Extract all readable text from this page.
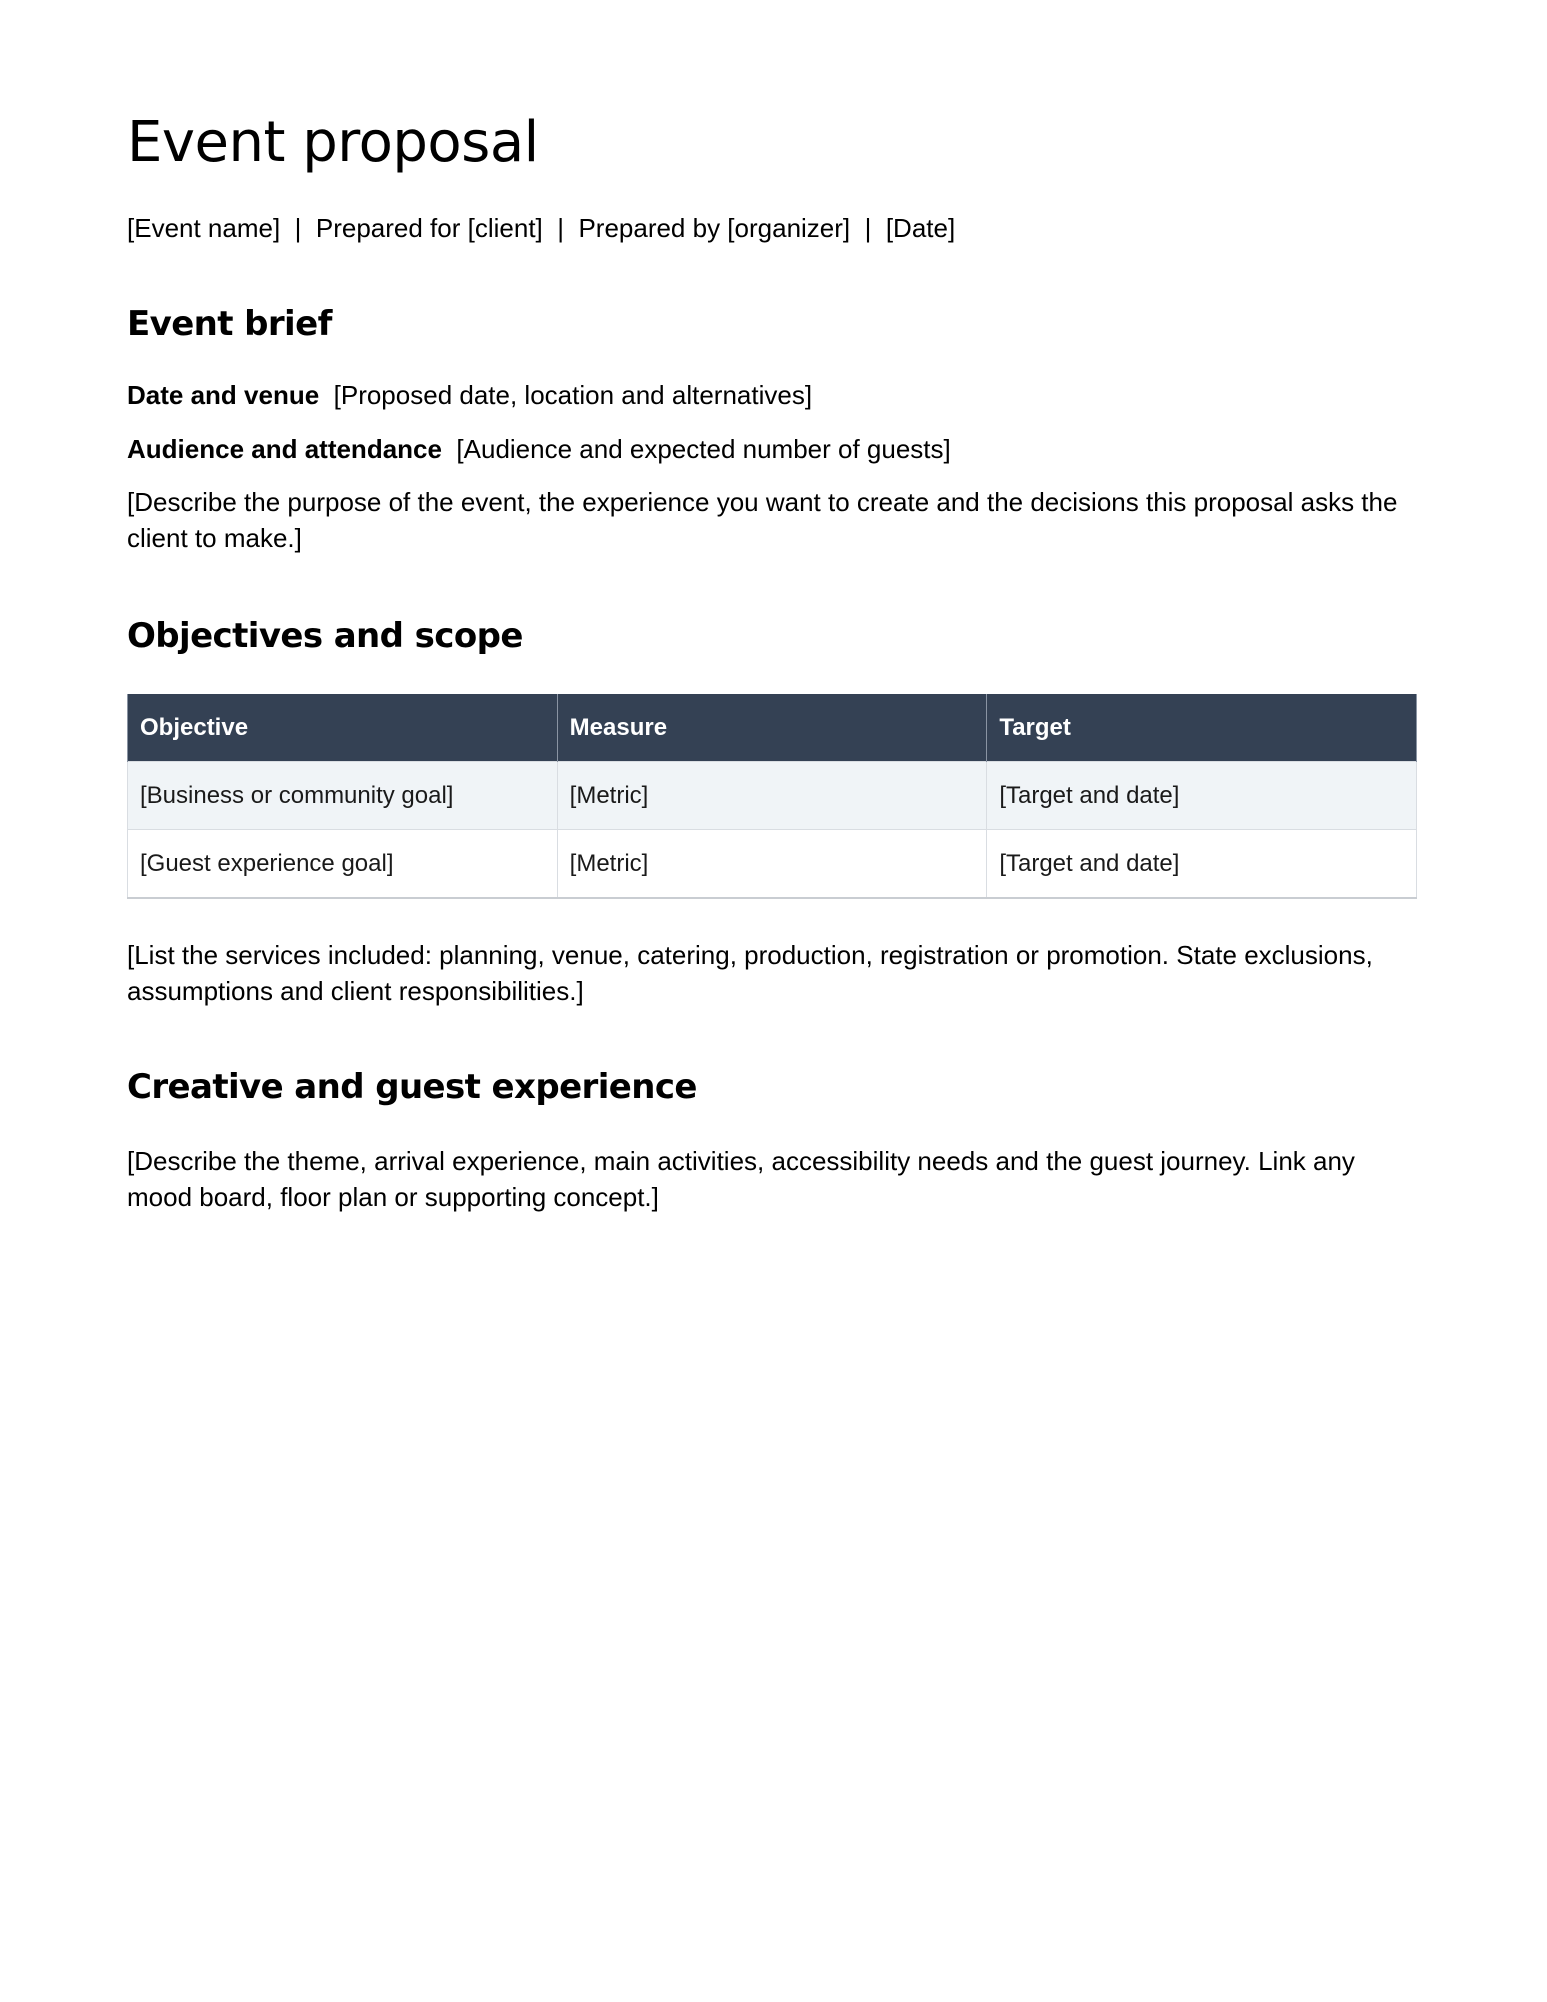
Event proposal

[Event name] | Prepared for [client] | Prepared by [organizer] | [Date]

Event brief

Date and venue [Proposed date, location and alternatives]

Audience and attendance [Audience and expected number of guests]

[Describe the purpose of the event, the experience you want to create and the decisions this proposal asks the client to make.]

Objectives and scope
Objective	Measure	Target
[Business or community goal]	[Metric]	[Target and date]
[Guest experience goal]	[Metric]	[Target and date]

[List the services included: planning, venue, catering, production, registration or promotion. State exclusions, assumptions and client responsibilities.]

Creative and guest experience

[Describe the theme, arrival experience, main activities, accessibility needs and the guest journey. Link any mood board, floor plan or supporting concept.]
